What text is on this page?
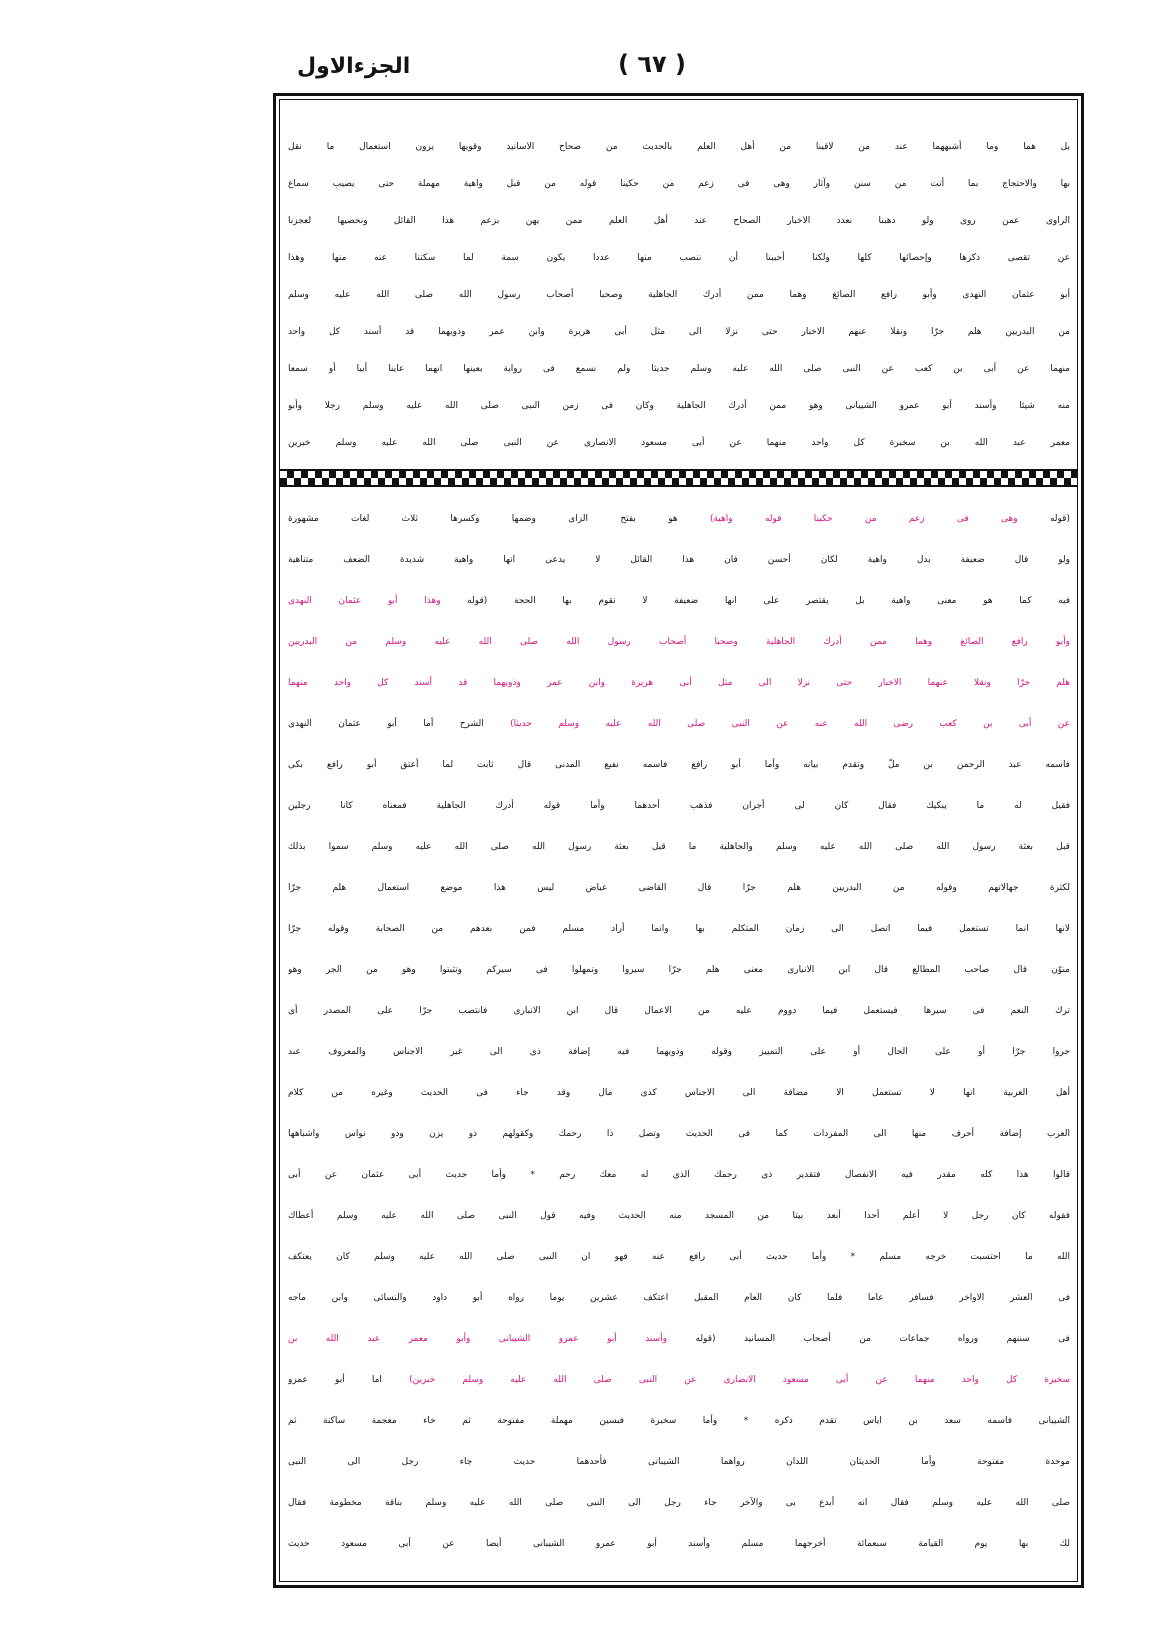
الجزءالاول	( ٦٧ )
بل هما وما أشبههما عند من لاقينا من أهل العلم بالحديث من صحاح الاسانيد وقويها يرون استعمال ما نقل
بها والاحتجاج بما أتت من سنن وآثار وهى فى زعم من حكينا قوله من قبل واهية مهملة حتى يصيب سماع
الراوى عمن روى ولو ذهبنا نعدد الاخبار الصحاح عند أهل العلم ممن يهن بزعم هذا القائل ونحصيها لعجزنا
عن تقصى ذكرها وإحصائها كلها ولكنا أحببنا أن ننصب منها عددا يكون سمة لما سكتنا عنه منها وهذا
أبو عثمان النهدى وأبو رافع الصائغ وهما ممن أدرك الجاهلية وصحبا أصحاب رسول الله صلى الله عليه وسلم
من البدريين هلم جرّا ونقلا عنهم الاخبار حتى نزلا الى مثل أبى هريرة وابن عمر وذويهما قد أسند كل واحد
منهما عن أبى بن كعب عن النبى صلى الله عليه وسلم حديثا ولم نسمع فى رواية بعينها انهما عاينا أبيا أو سمعا
منه شيئا وأسند أبو عمرو الشيبانى وهو ممن أدرك الجاهلية وكان فى زمن النبى صلى الله عليه وسلم رجلا وأبو
معمر عبد الله بن سخبرة كل واحد منهما عن أبى مسعود الانصارى عن النبى صلى الله عليه وسلم خبرين
(قوله وهى فى زعم من حكينا قوله واهية) هو بفتح الزاى وضمها وكسرها ثلاث لغات مشهورة
ولو قال ضعيفة بدل واهية لكان أحسن فان هذا القائل لا يدعى انها واهية شديدة الضعف متناهية
فيه كما هو معنى واهية بل يقتصر على انها ضعيفة لا تقوم بها الحجة (قوله وهذا أبو عثمان النهدى
وأبو رافع الصائغ وهما ممن أدرك الجاهلية وصحبا أصحاب رسول الله صلى الله عليه وسلم من البدريين
هلم جرّا ونقلا عنهما الاخبار حتى نزلا الى مثل أبى هريرة وابن عمر وذويهما قد أسند كل واحد منهما
عن أبى بن كعب رضى الله عنه عن النبى صلى الله عليه وسلم حديثا) الشرح أما أبو عثمان النهدى
فاسمه عبد الرحمن بن ملّ وتقدم بيانه وأما أبو رافع فاسمه نفيع المدنى قال ثابت لما أعتق أبو رافع بكى
فقيل له ما يبكيك فقال كان لى أجران فذهب أحدهما وأما قوله أدرك الجاهلية فمعناه كانا رجلين
قبل بعثة رسول الله صلى الله عليه وسلم والجاهلية ما قبل بعثة رسول الله صلى الله عليه وسلم سموا بذلك
لكثرة جهالاتهم وقوله من البدريين هلم جرّا قال القاضى عياض ليس هذا موضع استعمال هلم جرّا
لانها انما تستعمل فيما اتصل الى زمان المتكلم بها وانما أراد مسلم فمن بعدهم من الصحابة وقوله جرّا
منوّن قال صاحب المطالع قال ابن الانبارى معنى هلم جرّا سيروا وتمهلوا فى سيركم وتثبتوا وهو من الجر وهو
ترك النعم فى سيرها فيستعمل فيما دووم عليه من الاعمال قال ابن الانبارى فانتصب جرّا على المصدر أى
جروا جرّا أو على الحال أو على التمييز وقوله وذويهما فيه إضافة ذى الى غير الاجناس والمعروف عند
أهل العربية انها لا تستعمل الا مضافة الى الاجناس كذى مال وقد جاء فى الحديث وغيره من كلام
العرب إضافة أحرف منها الى المفردات كما فى الحديث وتصل ذا رحمك وكقولهم ذو يزن وذو نواس واشباهها
قالوا هذا كله مقدر فيه الانفصال فتقدير ذى رحمك الذى له معك رحم * وأما حديث أبى عثمان عن أبى
فقوله كان رجل لا أعلم أحدا أبعد بيتا من المسجد منه الحديث وفيه قول النبى صلى الله عليه وسلم أعطاك
الله ما احتسبت خرجه مسلم * وأما حديث أبى رافع عنه فهو ان النبى صلى الله عليه وسلم كان يعتكف
فى العشر الاواخر فسافر عاما فلما كان العام المقبل اعتكف عشرين يوما رواه أبو داود والنسائى وابن ماجه
فى سننهم ورواه جماعات من أصحاب المسانيد (قوله وأسند أبو عمرو الشيبانى وأبو معمر عبد الله بن
سخبرة كل واحد منهما عن أبى مسعود الانصارى عن النبى صلى الله عليه وسلم خبرين) اما أبو عمرو
الشيبانى فاسمه سعد بن اياس تقدم ذكره * وأما سخبرة فبسين مهملة مفتوحة ثم خاء معجمة ساكنة ثم
موحدة مفتوحة وأما الحديثان اللذان رواهما الشيبانى فأحدهما حديث جاء رجل الى النبى
صلى الله عليه وسلم فقال انه أبدع بى والآخر جاء رجل الى النبى صلى الله عليه وسلم بناقة مخطومة فقال
لك بها يوم القيامة سبعمائة أخرجهما مسلم وأسند أبو عمرو الشيبانى أيضا عن أبى مسعود حديث
